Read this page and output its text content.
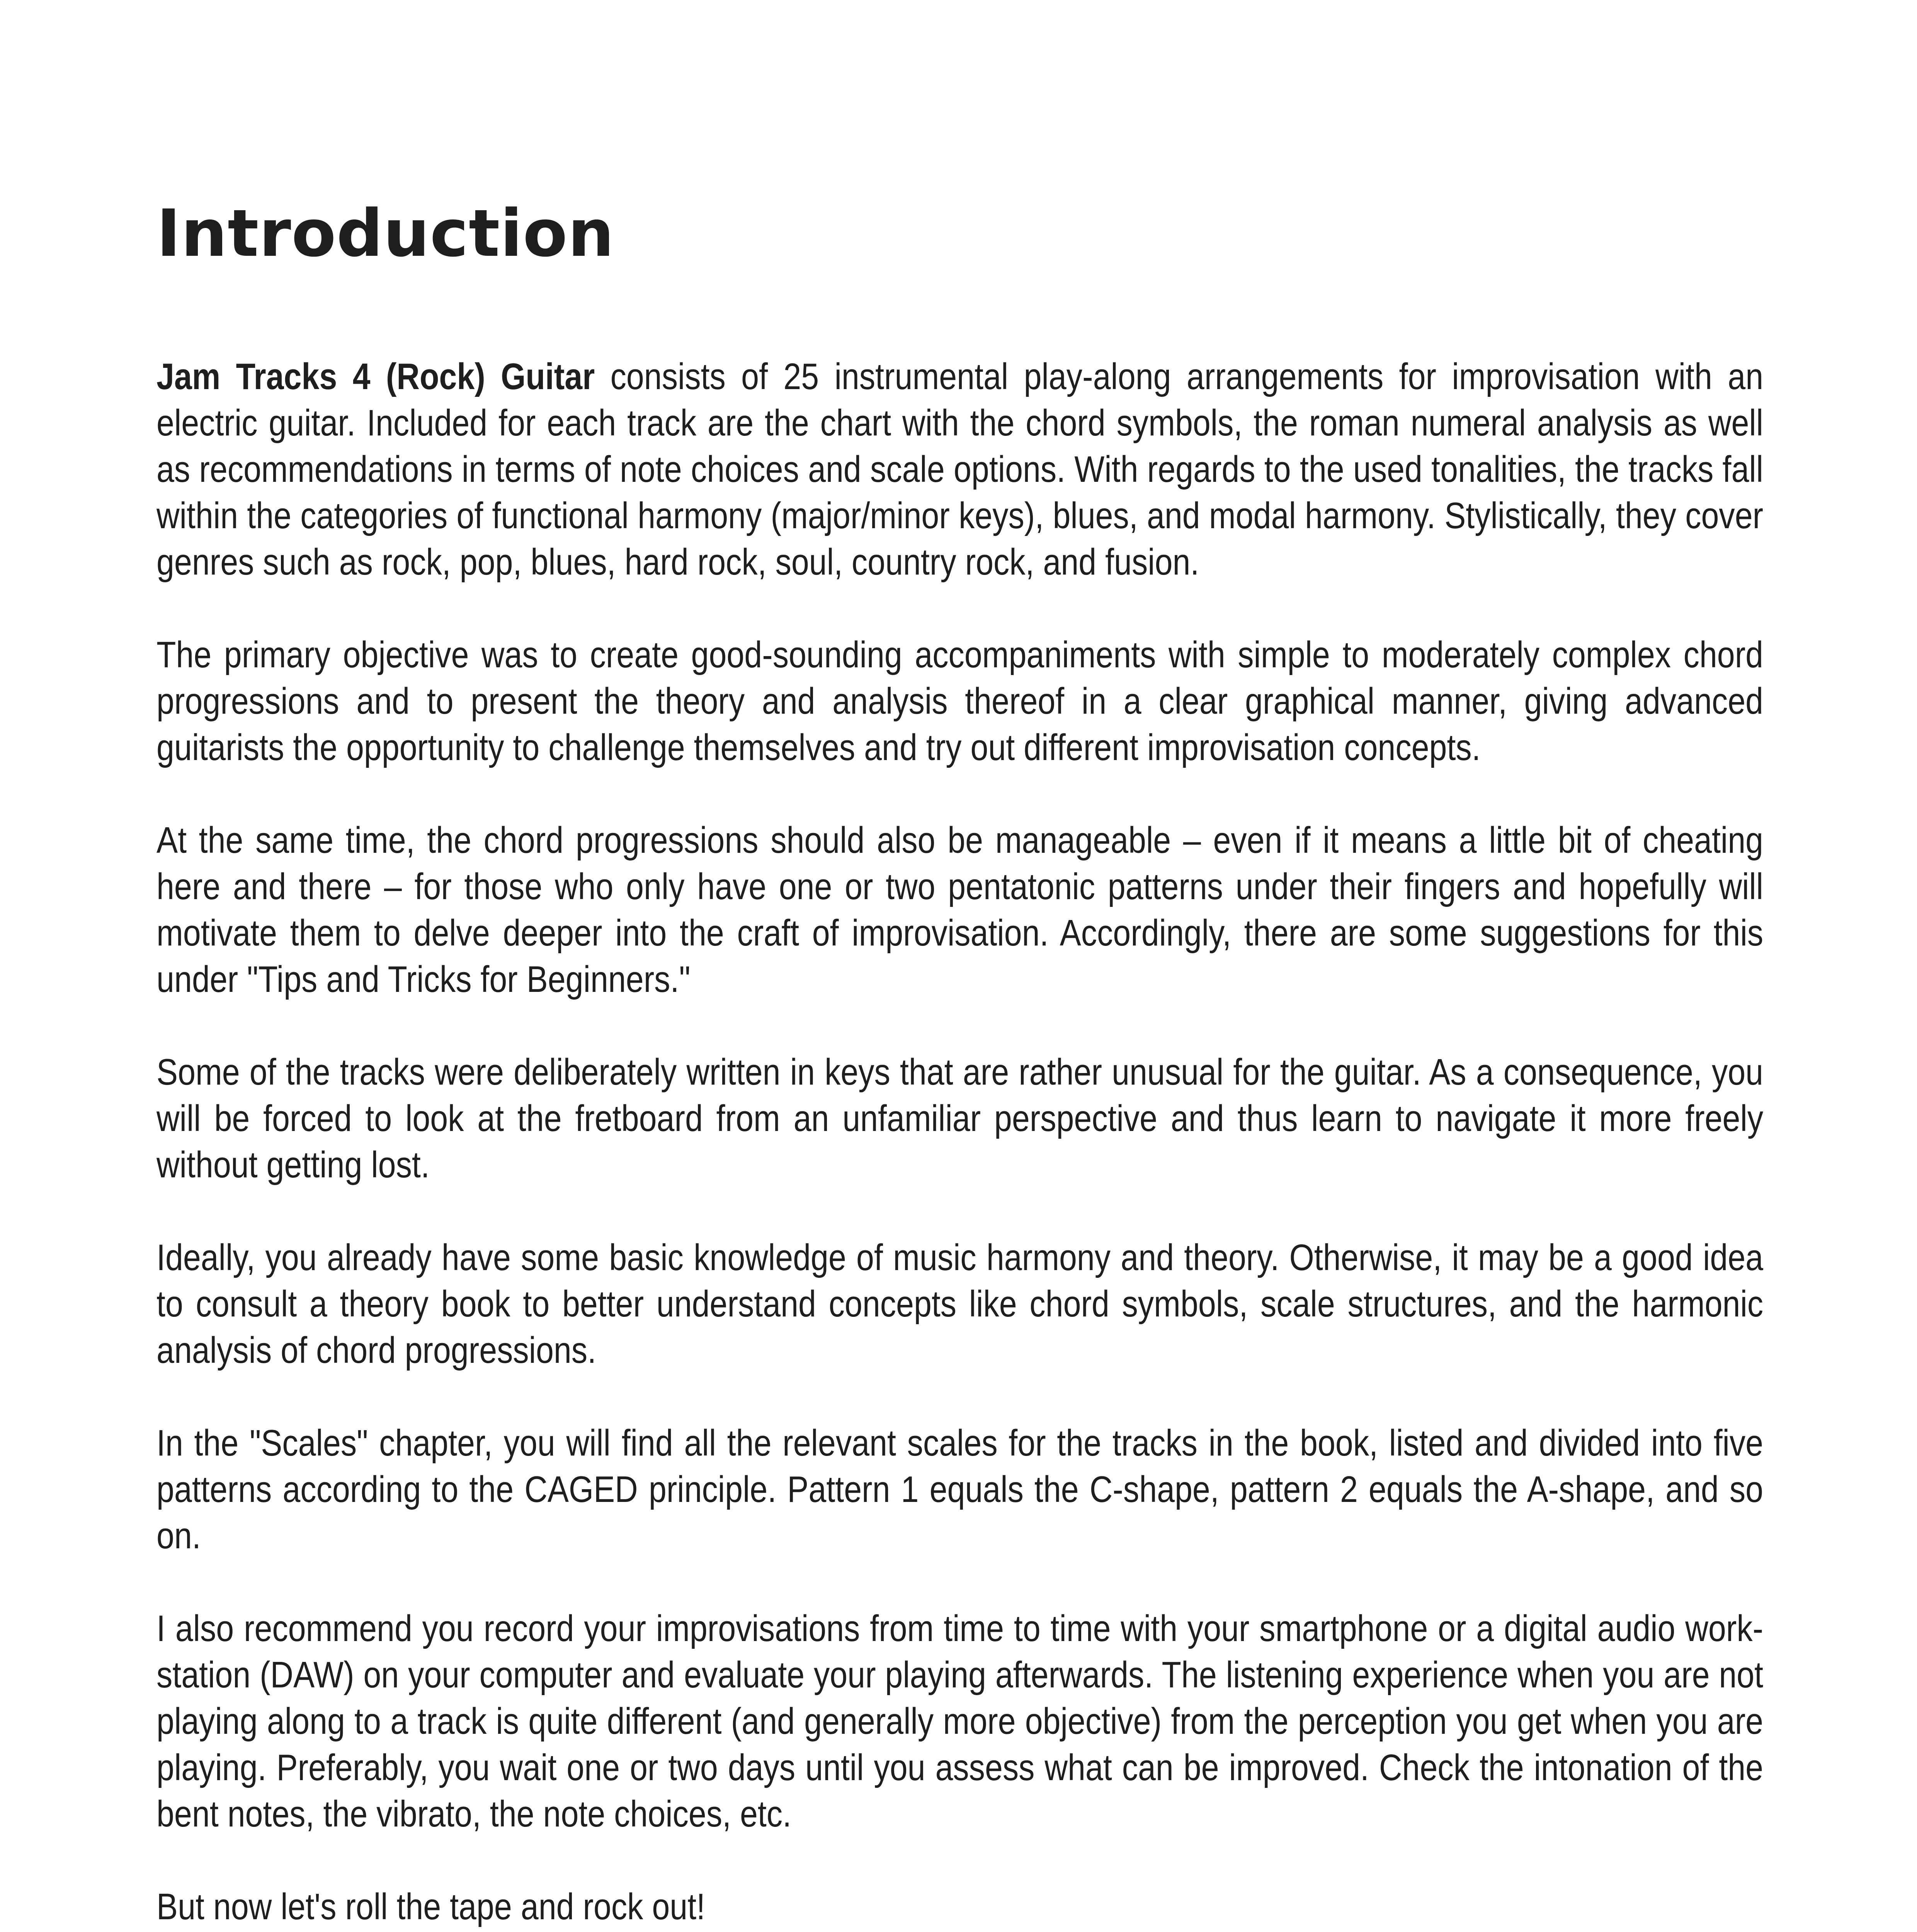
Introduction

Jam Tracks 4 (Rock) Guitar consists of 25 instrumental play-along arrangements for improvisation with an electric guitar. Included for each track are the chart with the chord symbols, the roman numeral analysis as well as recommendations in terms of note choices and scale options. With regards to the used tonalities, the tracks fall within the categories of functional harmony (major/minor keys), blues, and modal harmony. Stylistically, they cover genres such as rock, pop, blues, hard rock, soul, country rock, and fusion.

The primary objective was to create good-sounding accompaniments with simple to moderately complex chord progressions and to present the theory and analysis thereof in a clear graphical manner, giving advanced guitarists the opportunity to challenge themselves and try out different improvisation concepts.

At the same time, the chord progressions should also be manageable – even if it means a little bit of cheating here and there – for those who only have one or two pentatonic patterns under their fingers and hopefully will motivate them to delve deeper into the craft of improvisation. Accordingly, there are some suggestions for this under "Tips and Tricks for Beginners."

Some of the tracks were deliberately written in keys that are rather unusual for the guitar. As a consequence, you will be forced to look at the fretboard from an unfamiliar perspective and thus learn to navigate it more freely without getting lost.

Ideally, you already have some basic knowledge of music harmony and theory. Otherwise, it may be a good idea to consult a theory book to better understand concepts like chord symbols, scale structures, and the harmonic analysis of chord progressions.

In the "Scales" chapter, you will find all the relevant scales for the tracks in the book, listed and divided into five patterns according to the CAGED principle. Pattern 1 equals the C-shape, pattern 2 equals the A-shape, and so on.

I also recommend you record your improvisations from time to time with your smartphone or a digital audio workstation (DAW) on your computer and evaluate your playing afterwards. The listening experience when you are not playing along to a track is quite different (and generally more objective) from the perception you get when you are playing. Preferably, you wait one or two days until you assess what can be improved. Check the intonation of the bent notes, the vibrato, the note choices, etc.

But now let's roll the tape and rock out!
